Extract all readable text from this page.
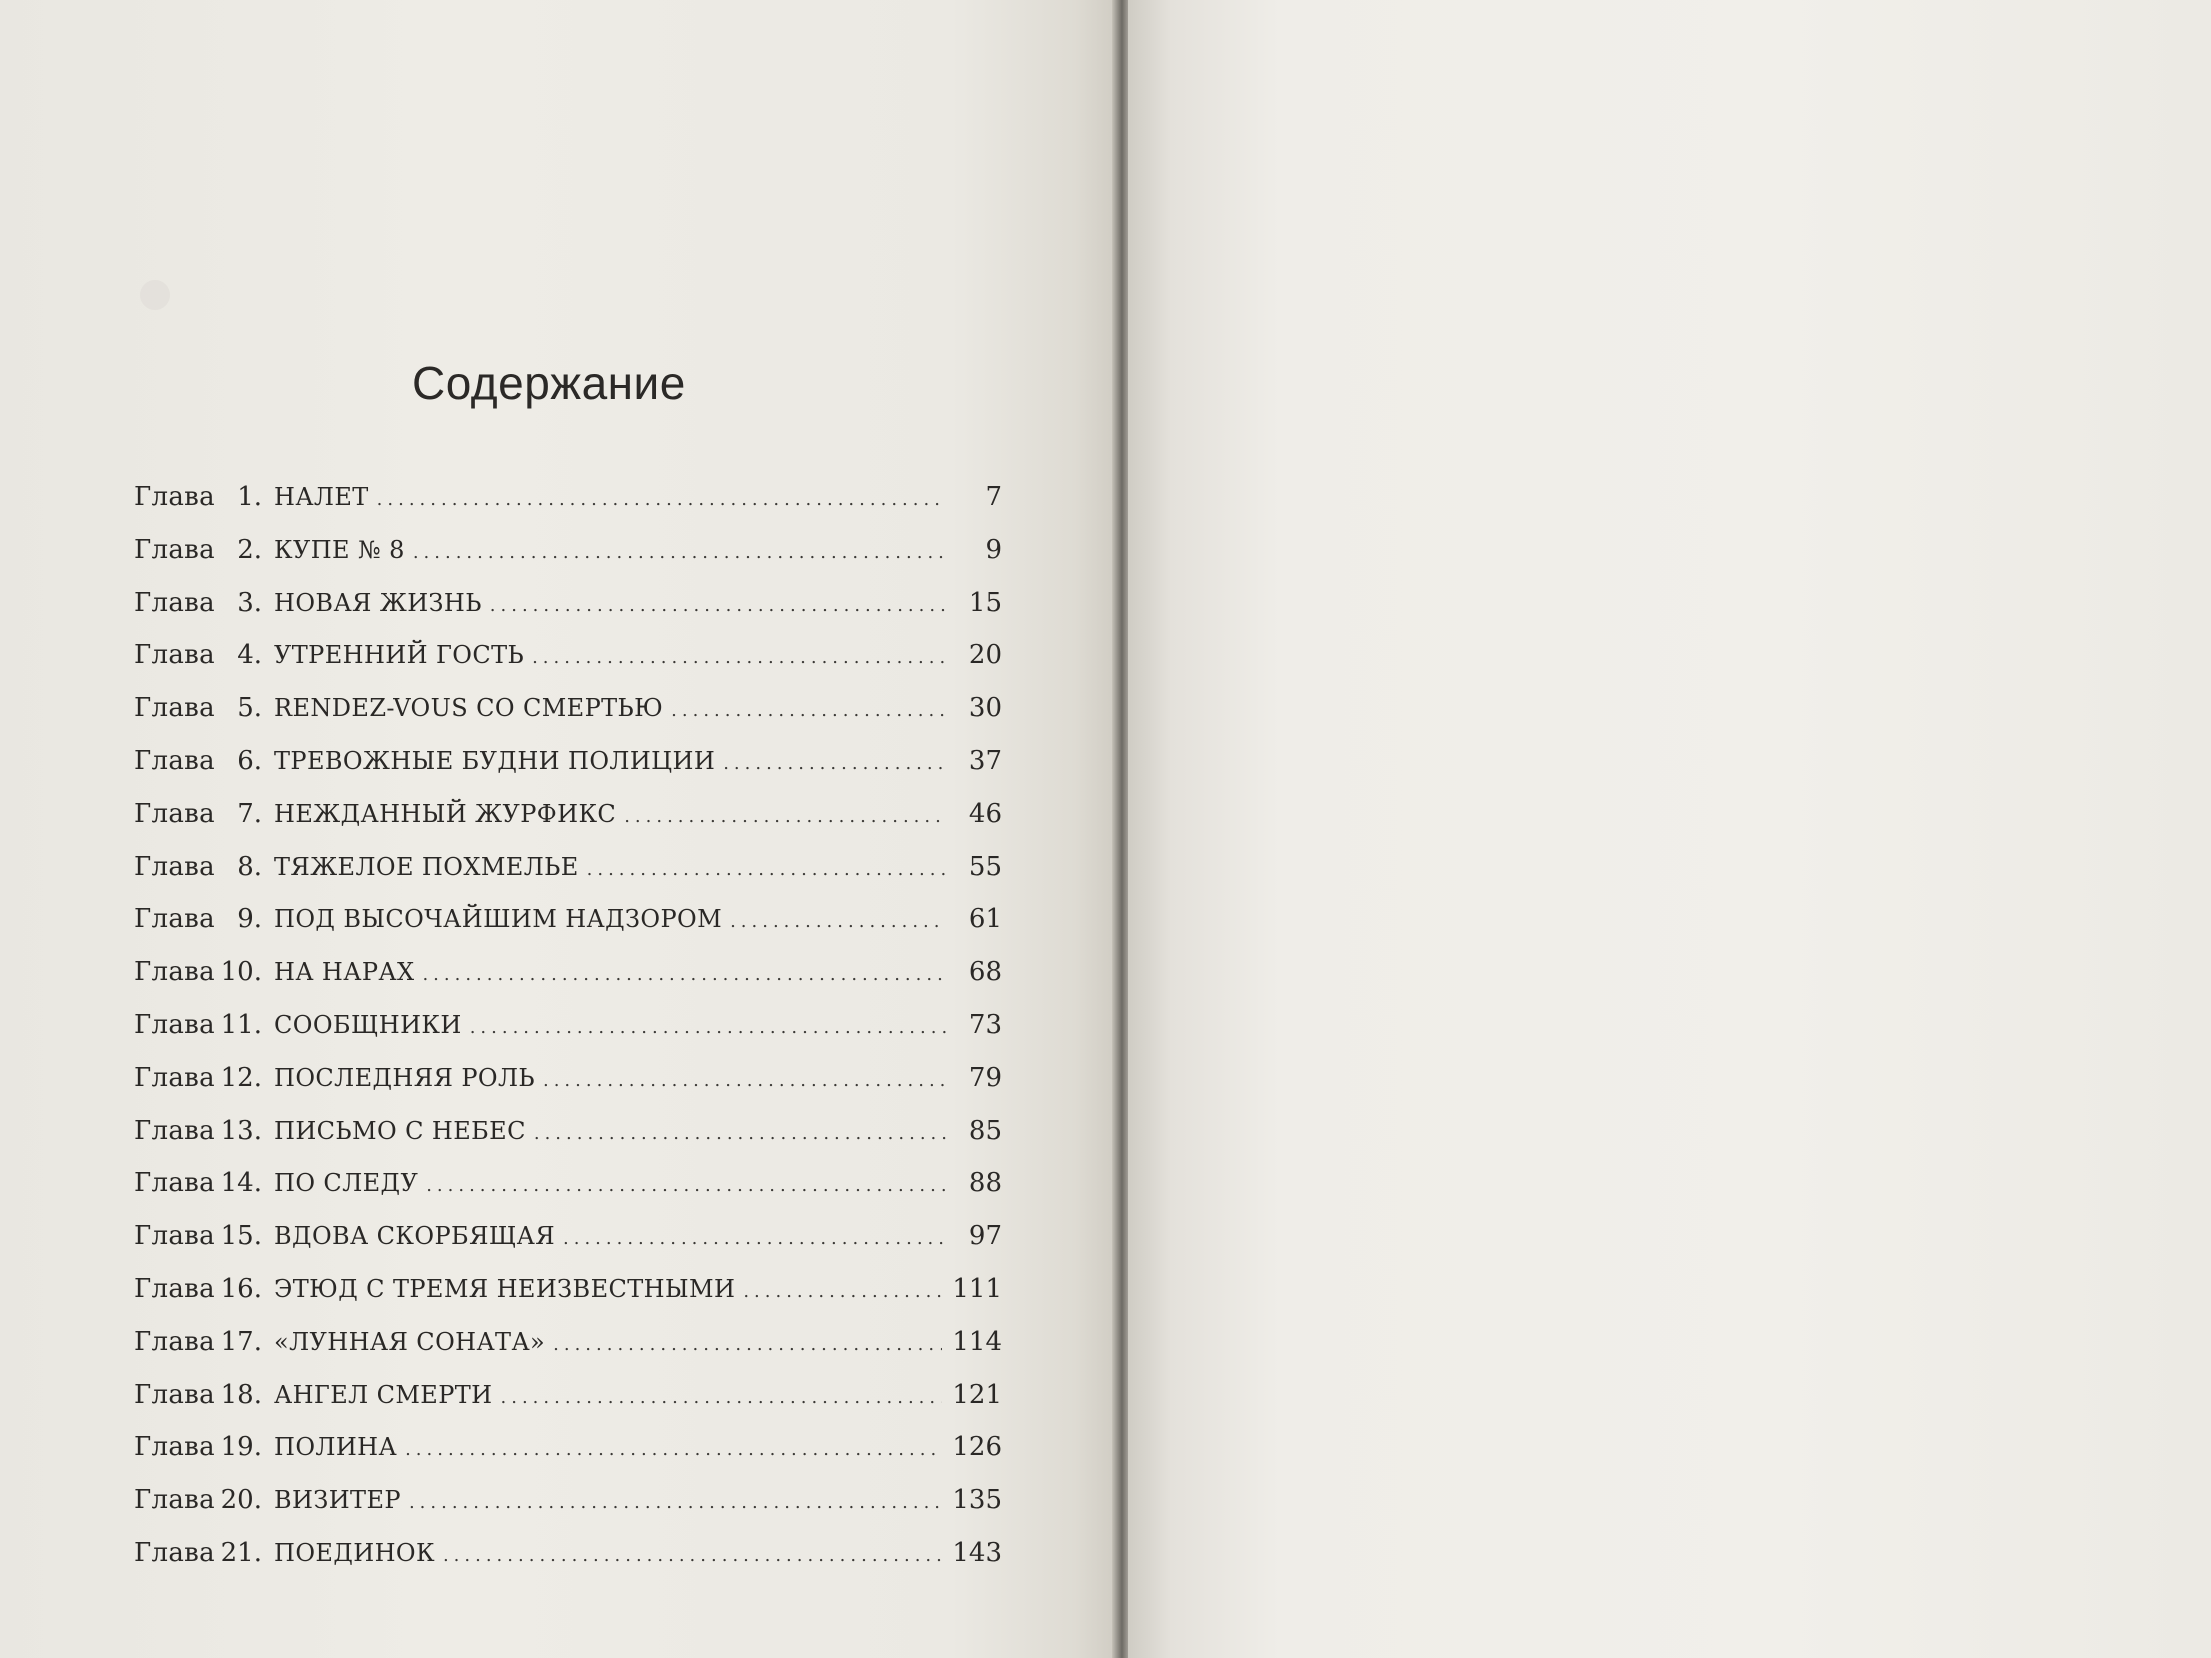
Содержание
Глава 1. НАЛЕТ .....	7
Глава 2. КУПЕ № 8 .....	9
Глава 3. НОВАЯ ЖИЗНЬ .....	15
Глава 4. УТРЕННИЙ ГОСТЬ .....	20
Глава 5. RENDEZ-VOUS СО СМЕРТЬЮ .....	30
Глава 6. ТРЕВОЖНЫЕ БУДНИ ПОЛИЦИИ .....	37
Глава 7. НЕЖДАННЫЙ ЖУРФИКС .....	46
Глава 8. ТЯЖЕЛОЕ ПОХМЕЛЬЕ .....	55
Глава 9. ПОД ВЫСОЧАЙШИМ НАДЗОРОМ .....	61
Глава 10. НА НАРАХ .....	68
Глава 11. СООБЩНИКИ .....	73
Глава 12. ПОСЛЕДНЯЯ РОЛЬ .....	79
Глава 13. ПИСЬМО С НЕБЕС .....	85
Глава 14. ПО СЛЕДУ .....	88
Глава 15. ВДОВА СКОРБЯЩАЯ .....	97
Глава 16. ЭТЮД С ТРЕМЯ НЕИЗВЕСТНЫМИ .....	111
Глава 17. «ЛУННАЯ СОНАТА» .....	114
Глава 18. АНГЕЛ СМЕРТИ .....	121
Глава 19. ПОЛИНА .....	126
Глава 20. ВИЗИТЕР .....	135
Глава 21. ПОЕДИНОК .....	143
